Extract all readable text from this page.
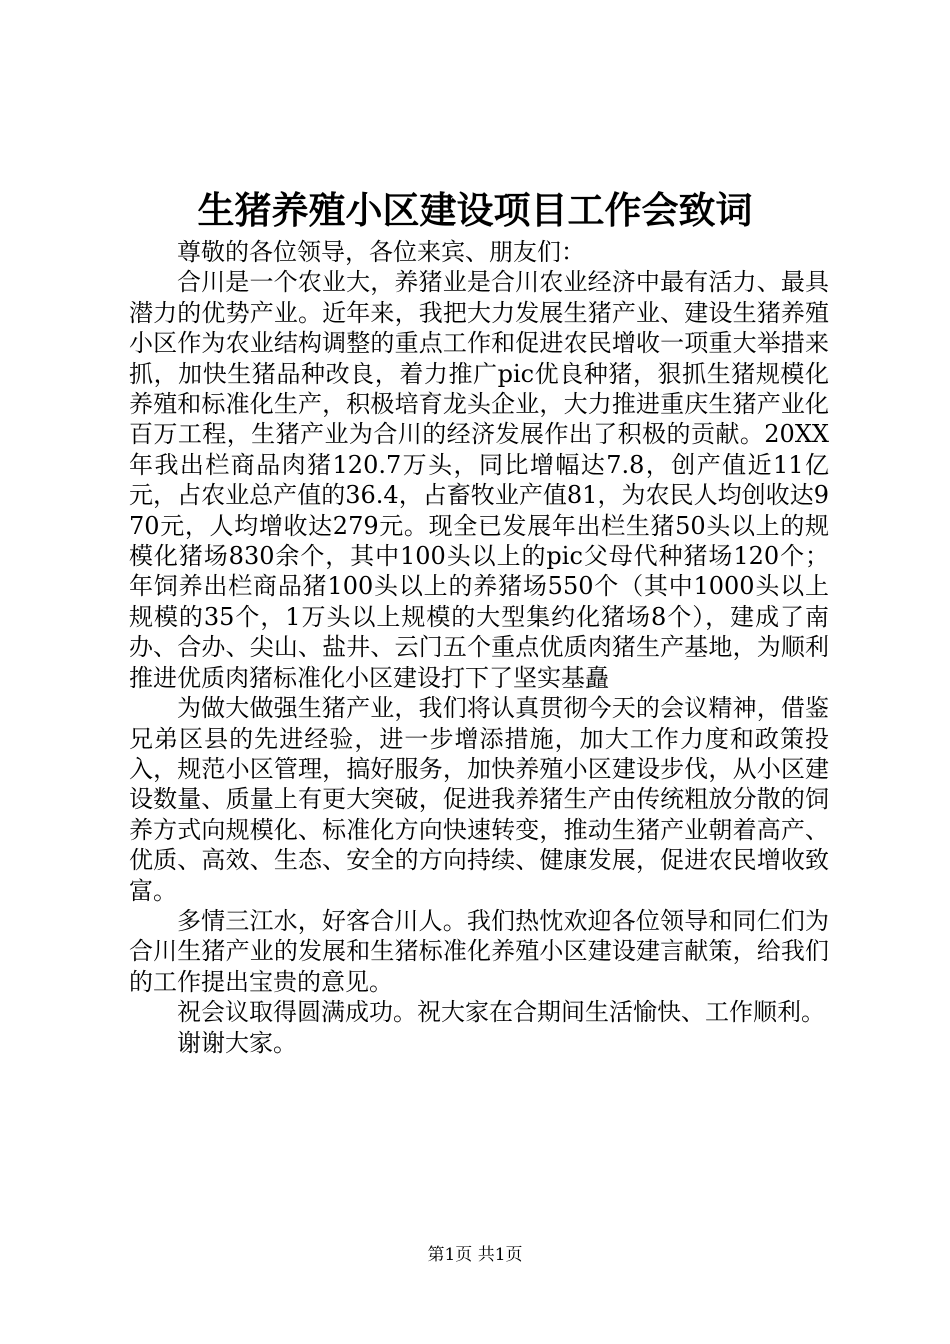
生猪养殖小区建设项目工作会致词

尊敬的各位领导，各位来宾、朋友们：

合川是一个农业大，养猪业是合川农业经济中最有活力、最具潜力的优势产业。近年来，我把大力发展生猪产业、建设生猪养殖小区作为农业结构调整的重点工作和促进农民增收一项重大举措来抓，加快生猪品种改良，着力推广pic优良种猪，狠抓生猪规模化养殖和标准化生产，积极培育龙头企业，大力推进重庆生猪产业化百万工程，生猪产业为合川的经济发展作出了积极的贡献。20XX年我出栏商品肉猪120.7万头，同比增幅达7.8，创产值近11亿元，占农业总产值的36.4，占畜牧业产值81，为农民人均创收达970元，人均增收达279元。现全已发展年出栏生猪50头以上的规模化猪场830余个，其中100头以上的pic父母代种猪场120个；年饲养出栏商品猪100头以上的养猪场550个（其中1000头以上规模的35个，1万头以上规模的大型集约化猪场8个），建成了南办、合办、尖山、盐井、云门五个重点优质肉猪生产基地，为顺利推进优质肉猪标准化小区建设打下了坚实基矗

为做大做强生猪产业，我们将认真贯彻今天的会议精神，借鉴兄弟区县的先进经验，进一步增添措施，加大工作力度和政策投入，规范小区管理，搞好服务，加快养殖小区建设步伐，从小区建设数量、质量上有更大突破，促进我养猪生产由传统粗放分散的饲养方式向规模化、标准化方向快速转变，推动生猪产业朝着高产、优质、高效、生态、安全的方向持续、健康发展，促进农民增收致富。

多情三江水，好客合川人。我们热忱欢迎各位领导和同仁们为合川生猪产业的发展和生猪标准化养殖小区建设建言献策，给我们的工作提出宝贵的意见。

祝会议取得圆满成功。祝大家在合期间生活愉快、工作顺利。

谢谢大家。

第1页 共1页
